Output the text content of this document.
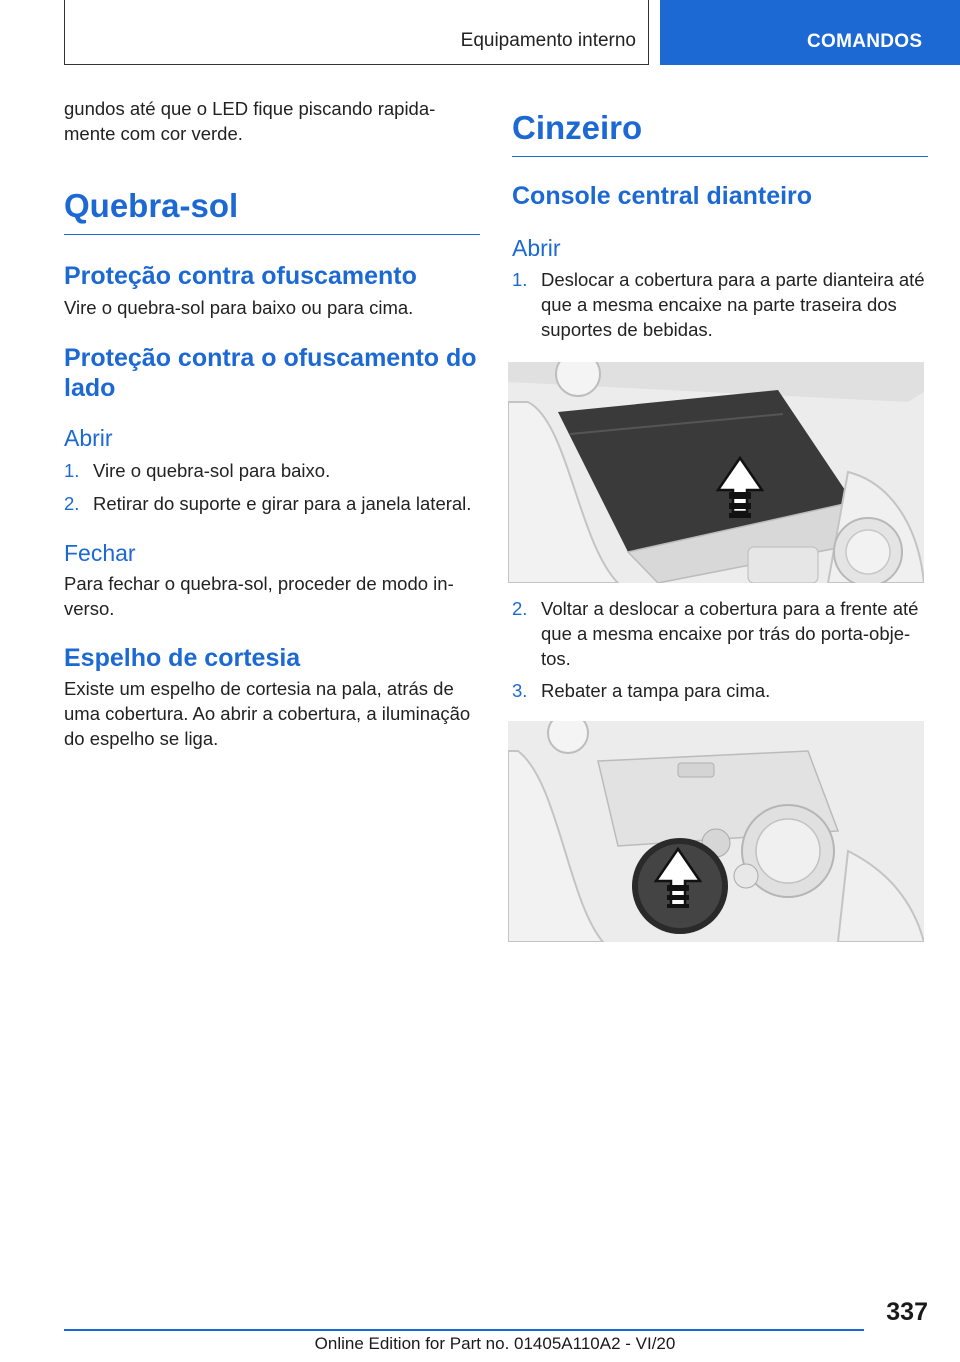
Equipamento interno	COMANDOS

gundos até que o LED fique piscando rapida-
mente com cor verde.

Quebra-sol
Proteção contra ofuscamento

Vire o quebra-sol para baixo ou para cima.

Proteção contra o ofuscamento do lado
Abrir
1. Vire o quebra-sol para baixo.
2. Retirar do suporte e girar para a janela lateral.
Fechar

Para fechar o quebra-sol, proceder de modo in-
verso.

Espelho de cortesia

Existe um espelho de cortesia na pala, atrás de uma cobertura. Ao abrir a cobertura, a iluminação do espelho se liga.

Cinzeiro
Console central dianteiro
Abrir
1. Deslocar a cobertura para a parte dianteira até que a mesma encaixe na parte traseira dos suportes de bebidas.
2. Voltar a deslocar a cobertura para a frente até que a mesma encaixe por trás do porta-obje-
tos.
3. Rebater a tampa para cima.
337
Online Edition for Part no. 01405A110A2 - VI/20
